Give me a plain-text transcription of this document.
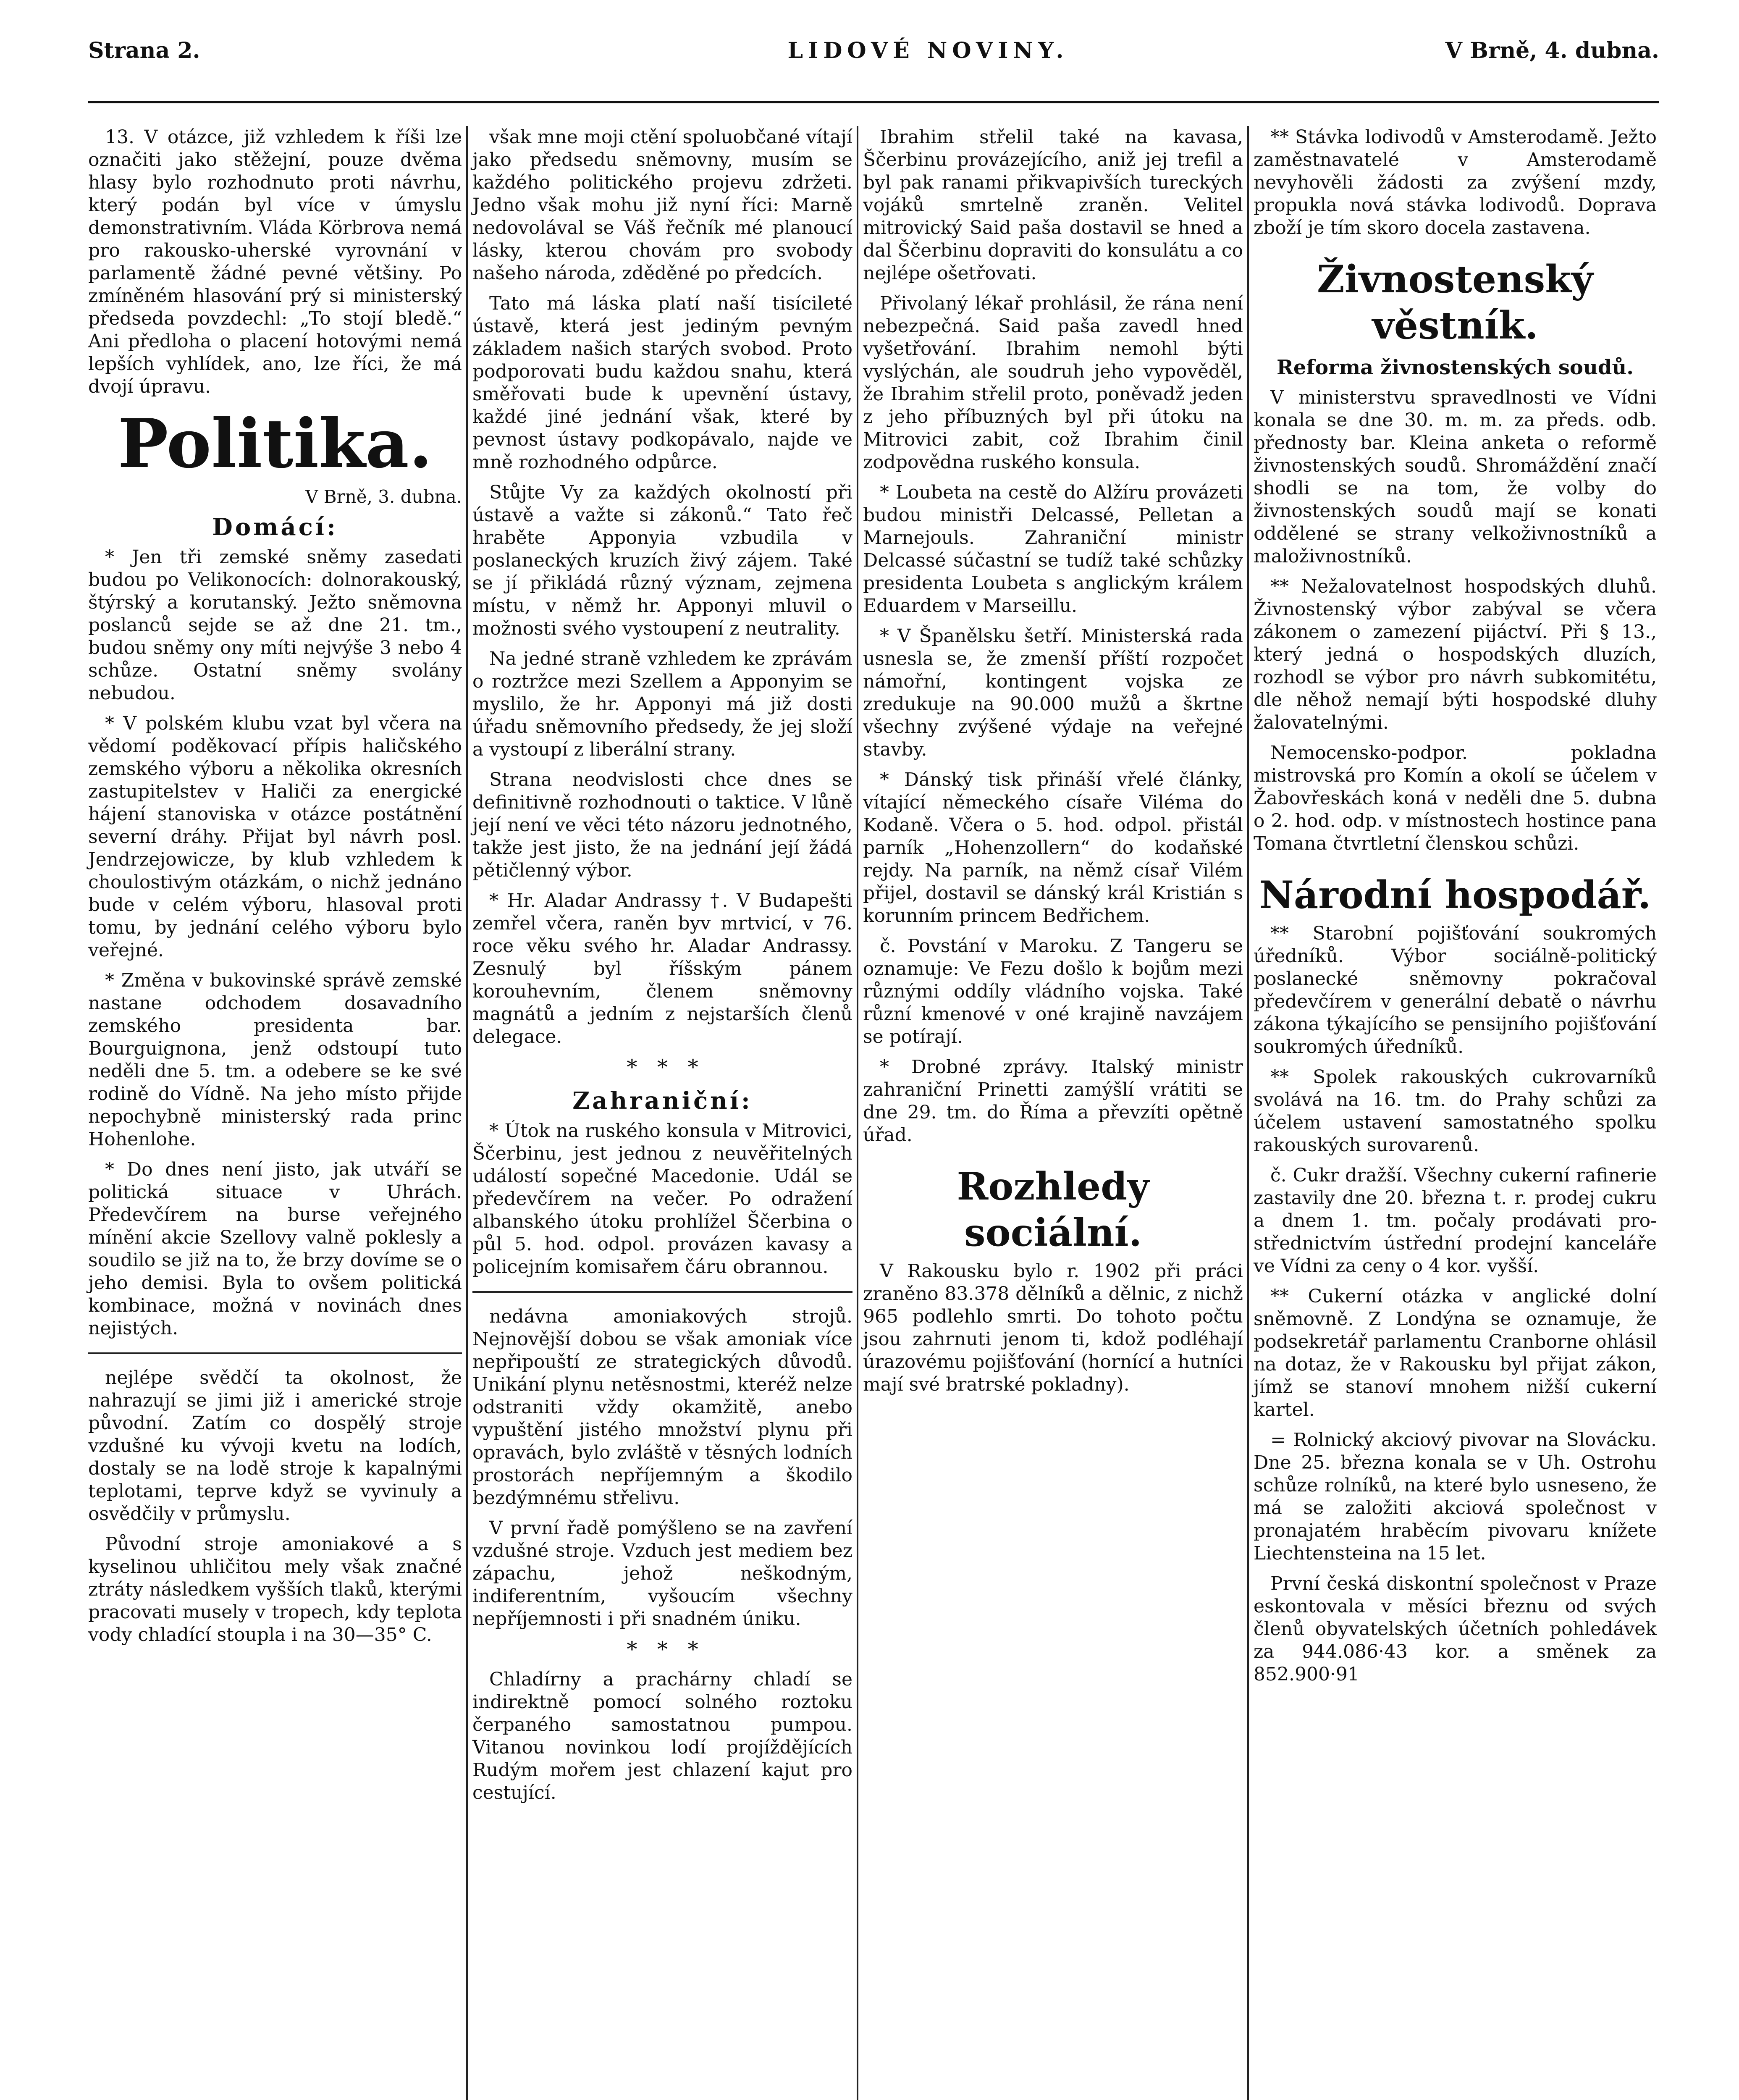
Strana 2.	LIDOVÉ NOVINY.	V Brně, 4. dubna.

13. V otázce, již vzhledem k říši lze označiti jako stěžejní, pouze dvěma hlasy bylo rozhodnuto proti návrhu, který podán byl více v úmyslu demonstrativním. Vláda Körbrova nemá pro rakousko-uherské vyrovnání v parlamentě žádné pevné většiny. Po zmíněném hlasování prý si ministerský předseda povzdechl: „To stojí bledě.“ Ani předloha o placení hotovými nemá lepších vyhlídek, ano, lze říci, že má dvojí úpravu.

Politika.
V Brně, 3. dubna.
Domácí:

* Jen tři zemské sněmy zasedati budou po Velikonocích: dolnorakouský, štýrský a korutanský. Ježto sněmovna poslanců sejde se až dne 21. tm., budou sněmy ony míti nejvýše 3 nebo 4 schůze. Ostatní sněmy svolány nebudou.

* V polském klubu vzat byl včera na vědomí poděkovací přípis haličského zemského výboru a několika okresních zastupitelstev v Haliči za energické hájení stanoviska v otázce postátnění severní dráhy. Přijat byl návrh posl. Jendrzejowicze, by klub vzhledem k choulostivým otázkám, o nichž jednáno bude v celém výboru, hlasoval proti tomu, by jednání celého výboru bylo veřejné.

* Změna v bukovinské správě zemské nastane odchodem dosavadního zemského presidenta bar. Bourguignona, jenž odstoupí tuto neděli dne 5. tm. a odebere se ke své rodině do Vídně. Na jeho místo přijde nepochybně ministerský rada princ Hohenlohe.

* Do dnes není jisto, jak utváří se politická situace v Uhrách. Předevčírem na burse veřejného mínění akcie Szellovy valně poklesly a soudilo se již na to, že brzy dovíme se o jeho demisi. Byla to ovšem politická kombinace, možná v novinách dnes nejistých.

nejlépe svědčí ta okolnost, že nahrazují se jimi již i americké stroje původní. Zatím co dospělý stroje vzdušné ku vývoji kvetu na lodích, dostaly se na lodě stroje k kapalnými teplotami, teprve když se vyvinuly a osvědčily v průmyslu.

Původní stroje amoniakové a s kyselinou uhličitou mely však značné ztráty následkem vyšších tlaků, kterými pracovati musely v tropech, kdy teplota vody chladící stoupla i na 30—35° C.

však mne moji ctění spoluobčané vítají jako předsedu sněmovny, musím se každého politického projevu zdržeti. Jedno však mohu již nyní říci: Marně nedovolával se Váš řečník mé planoucí lásky, kterou chovám pro svobody našeho národa, zděděné po předcích.

Tato má láska platí naší tisícileté ústavě, která jest jediným pevným základem našich starých svobod. Proto podporovati budu každou snahu, která směřovati bude k upevnění ústavy, každé jiné jednání však, které by pevnost ústavy podkopávalo, najde ve mně rozhodného odpůrce.

Stůjte Vy za každých okolností při ústavě a važte si zákonů.“ Tato řeč hraběte Apponyia vzbudila v poslaneckých kruzích živý zájem. Také se jí přikládá různý význam, zejmena místu, v němž hr. Apponyi mluvil o možnosti svého vystoupení z neutrality.

Na jedné straně vzhledem ke zprávám o roztržce mezi Szellem a Apponyim se myslilo, že hr. Apponyi má již dosti úřadu sněmovního předsedy, že jej složí a vystoupí z liberální strany.

Strana neodvislosti chce dnes se definitivně rozhodnouti o taktice. V lůně její není ve věci této názoru jednotného, takže jest jisto, že na jednání její žádá pětičlenný výbor.

* Hr. Aladar Andrassy †. V Budapešti zemřel včera, raněn byv mrtvicí, v 76. roce věku svého hr. Aladar Andrassy. Zesnulý byl říšským pánem korouhevním, členem sněmovny magnátů a jedním z nejstarších členů delegace.

*   *   *
Zahraniční:

* Útok na ruského konsula v Mitrovici, Ščerbinu, jest jednou z neuvěřitelných událostí sopečné Macedonie. Udál se předevčírem na večer. Po odražení albanského útoku prohlížel Ščerbina o půl 5. hod. odpol. provázen kavasy a policejním komisařem čáru obrannou.

nedávna amoniakových strojů. Nejnovější dobou se však amoniak více nepřipouští ze strategických důvodů. Unikání plynu netěsnostmi, kteréž nelze odstraniti vždy okamžitě, anebo vypuštění jistého množství plynu při opravách, bylo zvláště v těsných lodních prostorách nepříjemným a škodilo bezdýmnému střelivu.

V první řadě pomýšleno se na zavření vzdušné stroje. Vzduch jest mediem bez zápachu, jehož neškodným, indiferentním, vyšoucím všechny nepříjemnosti i při snadném úniku.

*   *   *

Chladírny a prachárny chladí se indirektně pomocí solného roztoku čerpaného samostatnou pumpou. Vitanou novinkou lodí projíždějících Rudým mořem jest chlazení kajut pro cestující.

Ibrahim střelil také na kavasa, Ščerbinu provázejícího, aniž jej trefil a byl pak ranami přikvapivších tureckých vojáků smrtelně zraněn. Velitel mitrovický Said paša dostavil se hned a dal Ščerbinu dopraviti do konsulátu a co nejlépe ošetřovati.

Přivolaný lékař prohlásil, že rána není nebezpečná. Said paša zavedl hned vyšetřování. Ibrahim nemohl býti vyslýchán, ale soudruh jeho vypověděl, že Ibrahim střelil proto, poněvadž jeden z jeho příbuzných byl při útoku na Mitrovici zabit, což Ibrahim činil zodpovědna ruského konsula.

* Loubeta na cestě do Alžíru provázeti budou ministři Delcassé, Pelletan a Marnejouls. Zahraniční ministr Delcassé súčastní se tudíž také schůzky presidenta Loubeta s anglickým králem Eduardem v Marseillu.

* V Španělsku šetří. Ministerská rada usnesla se, že zmenší příští rozpočet námořní, kontingent vojska ze zredukuje na 90.000 mužů a škrtne všechny zvýšené výdaje na veřejné stavby.

* Dánský tisk přináší vřelé články, vítající německého císaře Viléma do Kodaně. Včera o 5. hod. odpol. přistál parník „Hohenzollern“ do kodaňské rejdy. Na parník, na němž císař Vilém přijel, dostavil se dánský král Kristián s korunním princem Bedřichem.

č. Povstání v Maroku. Z Tangeru se oznamuje: Ve Fezu došlo k bojům mezi různými oddíly vládního vojska. Také různí kmenové v oné krajině navzájem se potírají.

* Drobné zprávy. Italský ministr zahraniční Prinetti zamýšlí vrátiti se dne 29. tm. do Říma a převzíti opětně úřad.

Rozhledy sociální.

V Rakousku bylo r. 1902 při práci zraněno 83.378 dělníků a dělnic, z nichž 965 podlehlo smrti. Do tohoto počtu jsou zahrnuti jenom ti, kdož podléhají úrazovému pojišťování (hornící a hutníci mají své bratrské pokladny).

** Stávka lodivodů v Amsterodamě. Ježto zaměstnavatelé v Amsterodamě nevyhověli žádosti za zvýšení mzdy, propukla nová stávka lodivodů. Doprava zboží je tím skoro docela zastavena.

Živnostenský věstník.
Reforma živnostenských soudů.

V ministerstvu spravedlnosti ve Vídni konala se dne 30. m. m. za předs. odb. přednosty bar. Kleina anketa o reformě živnostenských soudů. Shromáždění značí shodli se na tom, že volby do živnostenských soudů mají se konati oddělené se strany velkoživnostníků a maloživnostníků.

** Nežalovatelnost hospodských dluhů. Živnostenský výbor zabýval se včera zákonem o zamezení pijáctví. Při § 13., který jedná o hospodských dluzích, rozhodl se výbor pro návrh subkomitétu, dle něhož nemají býti hospodské dluhy žalovatelnými.

Nemocensko-podpor. pokladna mistrovská pro Komín a okolí se účelem v Žabovřeskách koná v neděli dne 5. dubna o 2. hod. odp. v místnostech hostince pana Tomana čtvrtletní členskou schůzi.

Národní hospodář.

** Starobní pojišťování soukromých úředníků. Výbor sociálně-politický poslanecké sněmovny pokračoval předevčírem v generální debatě o návrhu zákona týkajícího se pensijního pojišťování soukromých úředníků.

** Spolek rakouských cukrovarníků svolává na 16. tm. do Prahy schůzi za účelem ustavení samostatného spolku rakouských surovarenů.

č. Cukr dražší. Všechny cukerní rafinerie zastavily dne 20. března t. r. prodej cukru a dnem 1. tm. počaly prodávati pro-střednictvím ústřední prodejní kanceláře ve Vídni za ceny o 4 kor. vyšší.

** Cukerní otázka v anglické dolní sněmovně. Z Londýna se oznamuje, že podsekretář parlamentu Cranborne ohlásil na dotaz, že v Rakousku byl přijat zákon, jímž se stanoví mnohem nižší cukerní kartel.

= Rolnický akciový pivovar na Slovácku. Dne 25. března konala se v Uh. Ostrohu schůze rolníků, na které bylo usneseno, že má se založiti akciová společnost v pronajatém hraběcím pivovaru knížete Liechtensteina na 15 let.

První česká diskontní společnost v Praze eskontovala v měsíci březnu od svých členů obyvatelských účetních pohledávek za 944.086·43 kor. a směnek za 852.900·91
